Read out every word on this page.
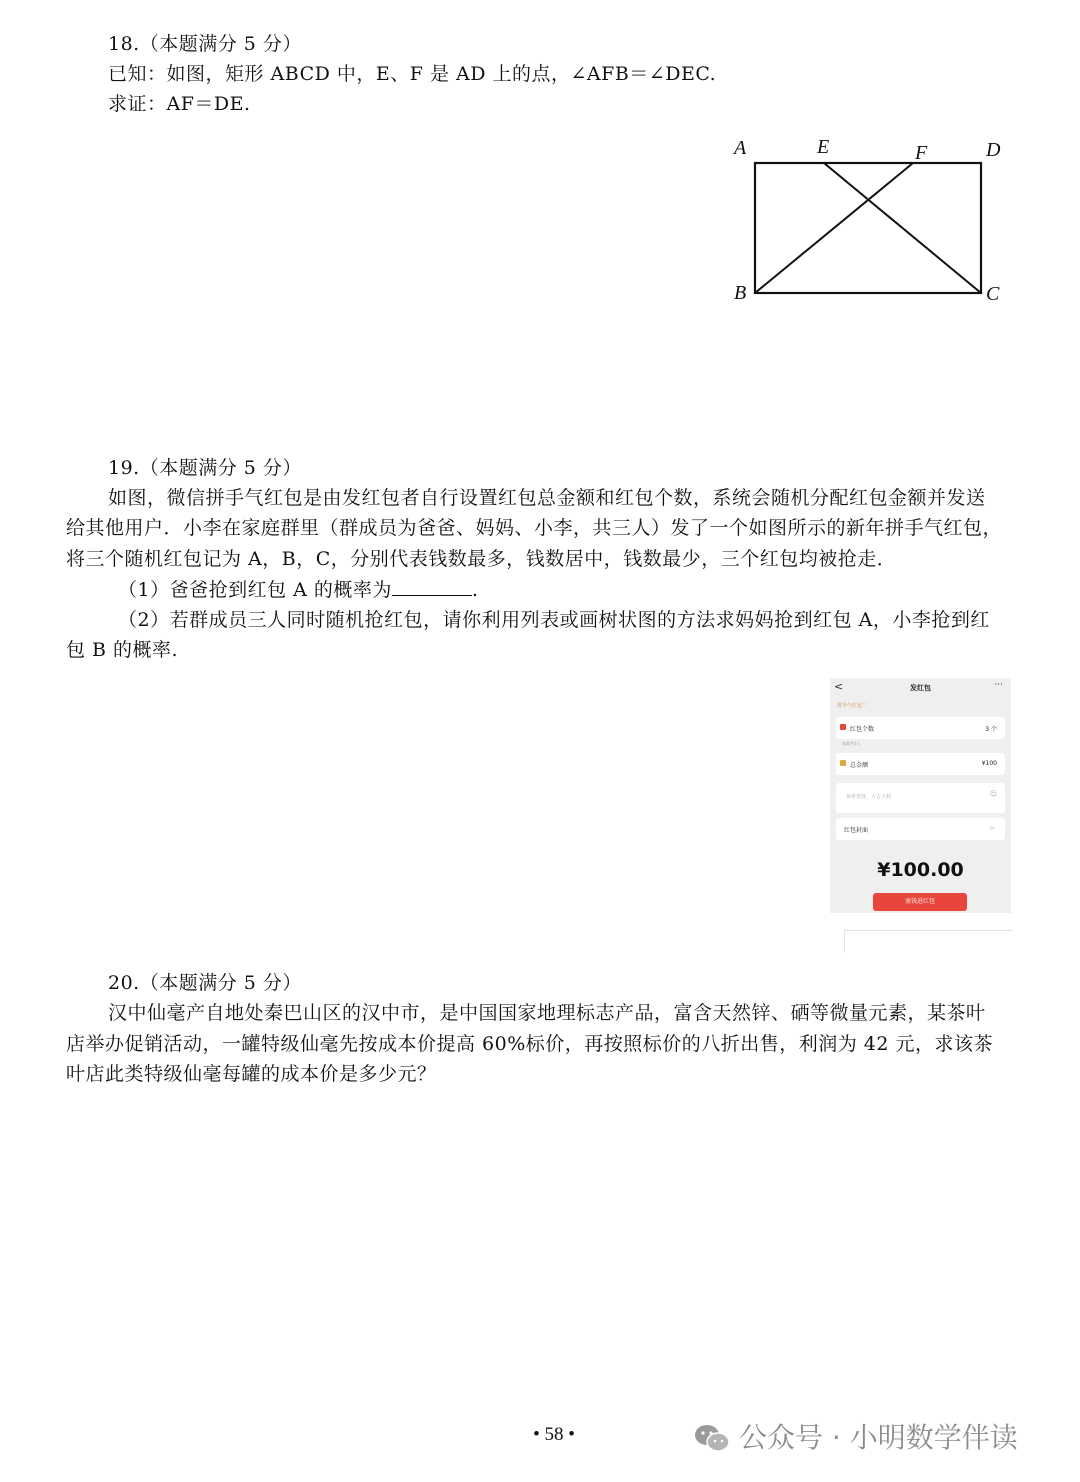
18.（本题满分 5 分）
已知：如图，矩形 ABCD 中，E、F 是 AD 上的点，∠AFB＝∠DEC.
求证：AF＝DE.
A	E	F	D
B	C
19.（本题满分 5 分）
如图，微信拼手气红包是由发红包者自行设置红包总金额和红包个数，系统会随机分配红包金额并发送
给其他用户．小李在家庭群里（群成员为爸爸、妈妈、小李，共三人）发了一个如图所示的新年拼手气红包，
将三个随机红包记为 A，B，C，分别代表钱数最多，钱数居中，钱数最少，三个红包均被抢走．
（1）爸爸抢到红包 A 的概率为	.
（2）若群成员三人同时随机抢红包，请你利用列表或画树状图的方法求妈妈抢到红包 A，小李抢到红
包 B 的概率.
<	发红包	···
拼手气红包﹀
红包个数	3 个
本群共3人
总金额	¥100
恭喜发财，大吉大利	☺
红包封面	>
¥100.00
塞钱进红包
20.（本题满分 5 分）
汉中仙毫产自地处秦巴山区的汉中市，是中国国家地理标志产品，富含天然锌、硒等微量元素，某茶叶
店举办促销活动，一罐特级仙毫先按成本价提高 60%标价，再按照标价的八折出售，利润为 42 元，求该茶
叶店此类特级仙毫每罐的成本价是多少元？
• 58 •	公众号 · 小明数学伴读
